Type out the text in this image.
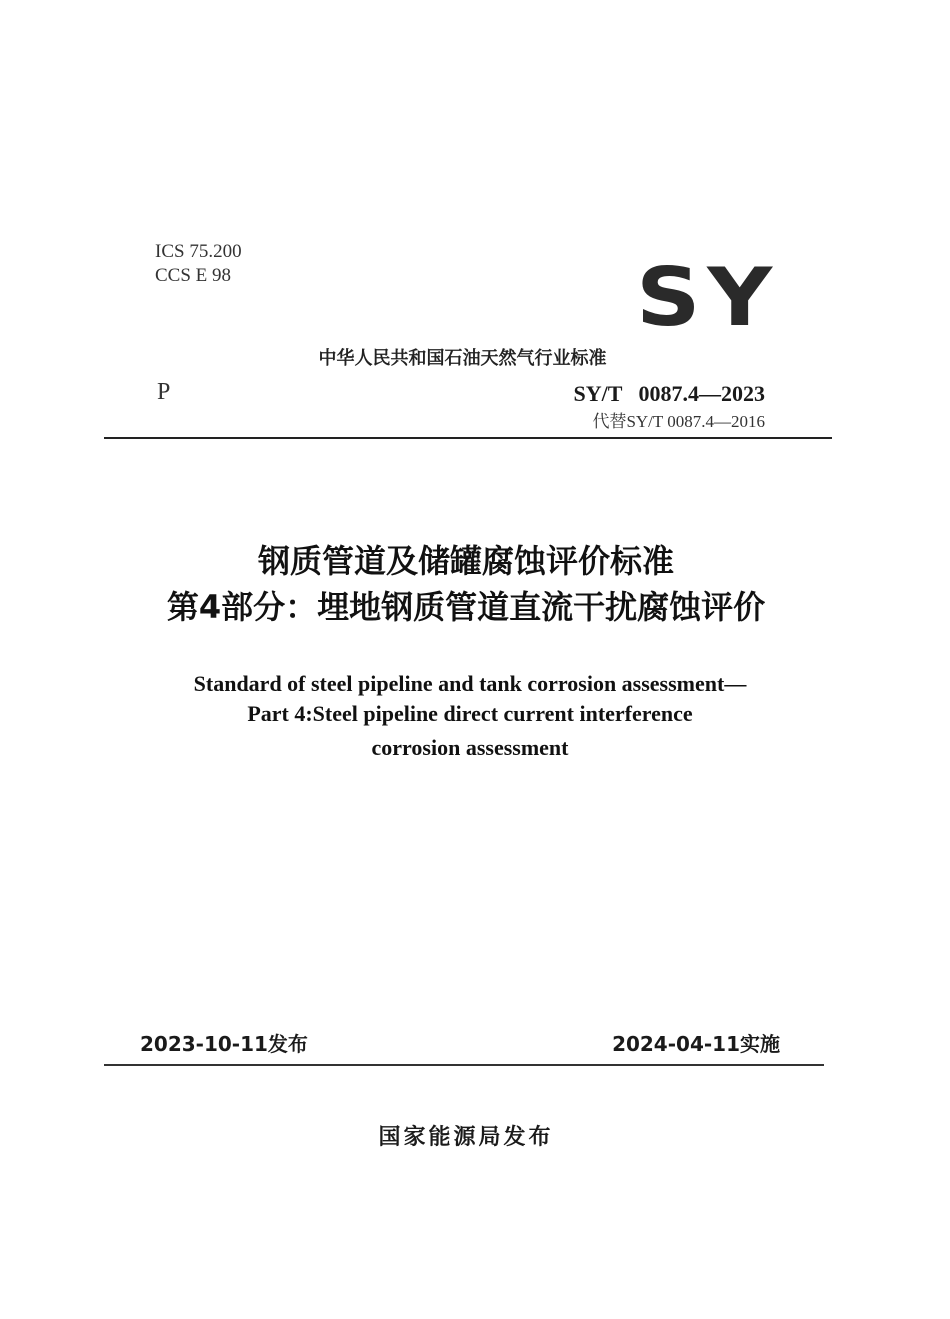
ICS 75.200
CCS E 98	SY
中华人民共和国石油天然气行业标准
P	SY/T   0087.4—2023
代替SY/T 0087.4—2016
钢质管道及储罐腐蚀评价标准
第4部分：埋地钢质管道直流干扰腐蚀评价
Standard of steel pipeline and tank corrosion assessment—
Part 4:Steel pipeline direct current interference
corrosion assessment
2023-10-11发布	2024-04-11实施
国家能源局发布
